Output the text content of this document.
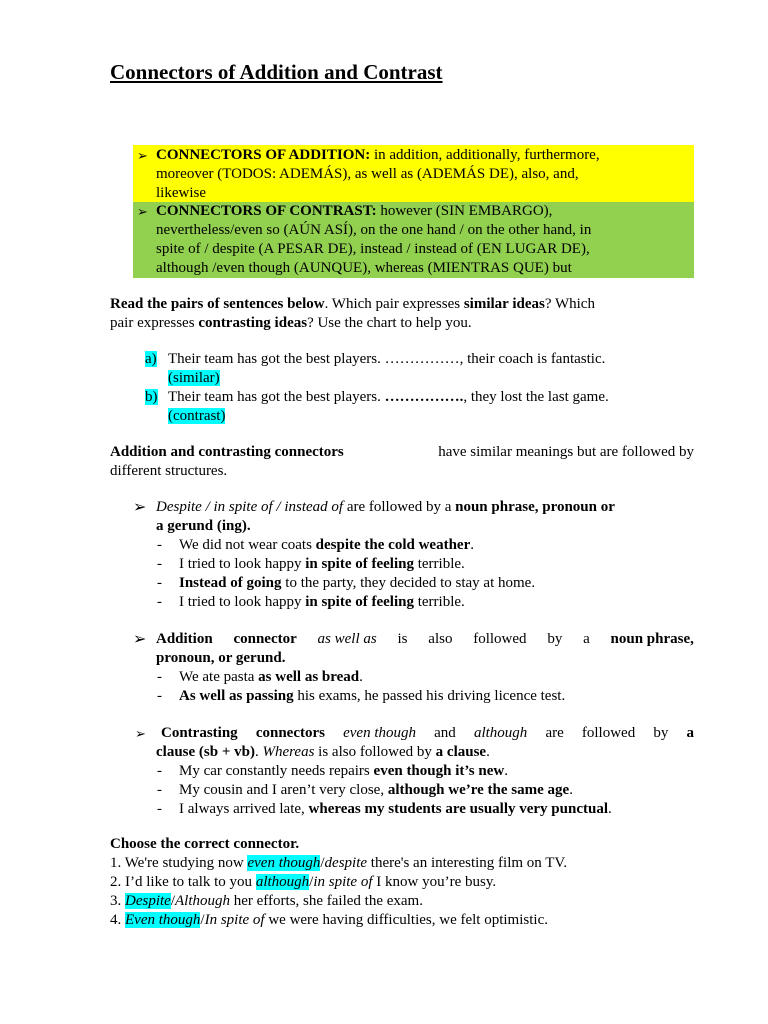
Connectors of Addition and Contrast
➢ CONNECTORS OF ADDITION: in addition, additionally, furthermore,
moreover (TODOS: ADEMÁS), as well as (ADEMÁS DE), also, and,
likewise
➢ CONNECTORS OF CONTRAST: however (SIN EMBARGO),
nevertheless/even so (AÚN ASÍ), on the one hand / on the other hand, in
spite of / despite (A PESAR DE), instead / instead of (EN LUGAR DE),
although /even though (AUNQUE), whereas (MIENTRAS QUE) but
Read the pairs of sentences below. Which pair expresses similar ideas? Which
pair expresses contrasting ideas? Use the chart to help you.
a) Their team has got the best players. ……………, their coach is fantastic.
(similar)
b) Their team has got the best players. ……………., they lost the last game.
(contrast)
Addition and contrasting connectors	have similar meanings but are followed by
different structures.
➢ Despite / in spite of / instead of are followed by a noun phrase, pronoun or
a gerund (ing).
- We did not wear coats despite the cold weather.
- I tried to look happy in spite of feeling terrible.
- Instead of going to the party, they decided to stay at home.
- I tried to look happy in spite of feeling terrible.
➢ Addition connector as well as is also followed by a noun phrase,
pronoun, or gerund.
- We ate pasta as well as bread.
- As well as passing his exams, he passed his driving licence test.
➢ Contrasting connectors even though and although are followed by a
clause (sb + vb). Whereas is also followed by a clause.
- My car constantly needs repairs even though it’s new.
- My cousin and I aren’t very close, although we’re the same age.
- I always arrived late, whereas my students are usually very punctual.
Choose the correct connector.
1. We're studying now even though/despite there's an interesting film on TV.
2. I’d like to talk to you although/in spite of I know you’re busy.
3. Despite/Although her efforts, she failed the exam.
4. Even though/In spite of we were having difficulties, we felt optimistic.
